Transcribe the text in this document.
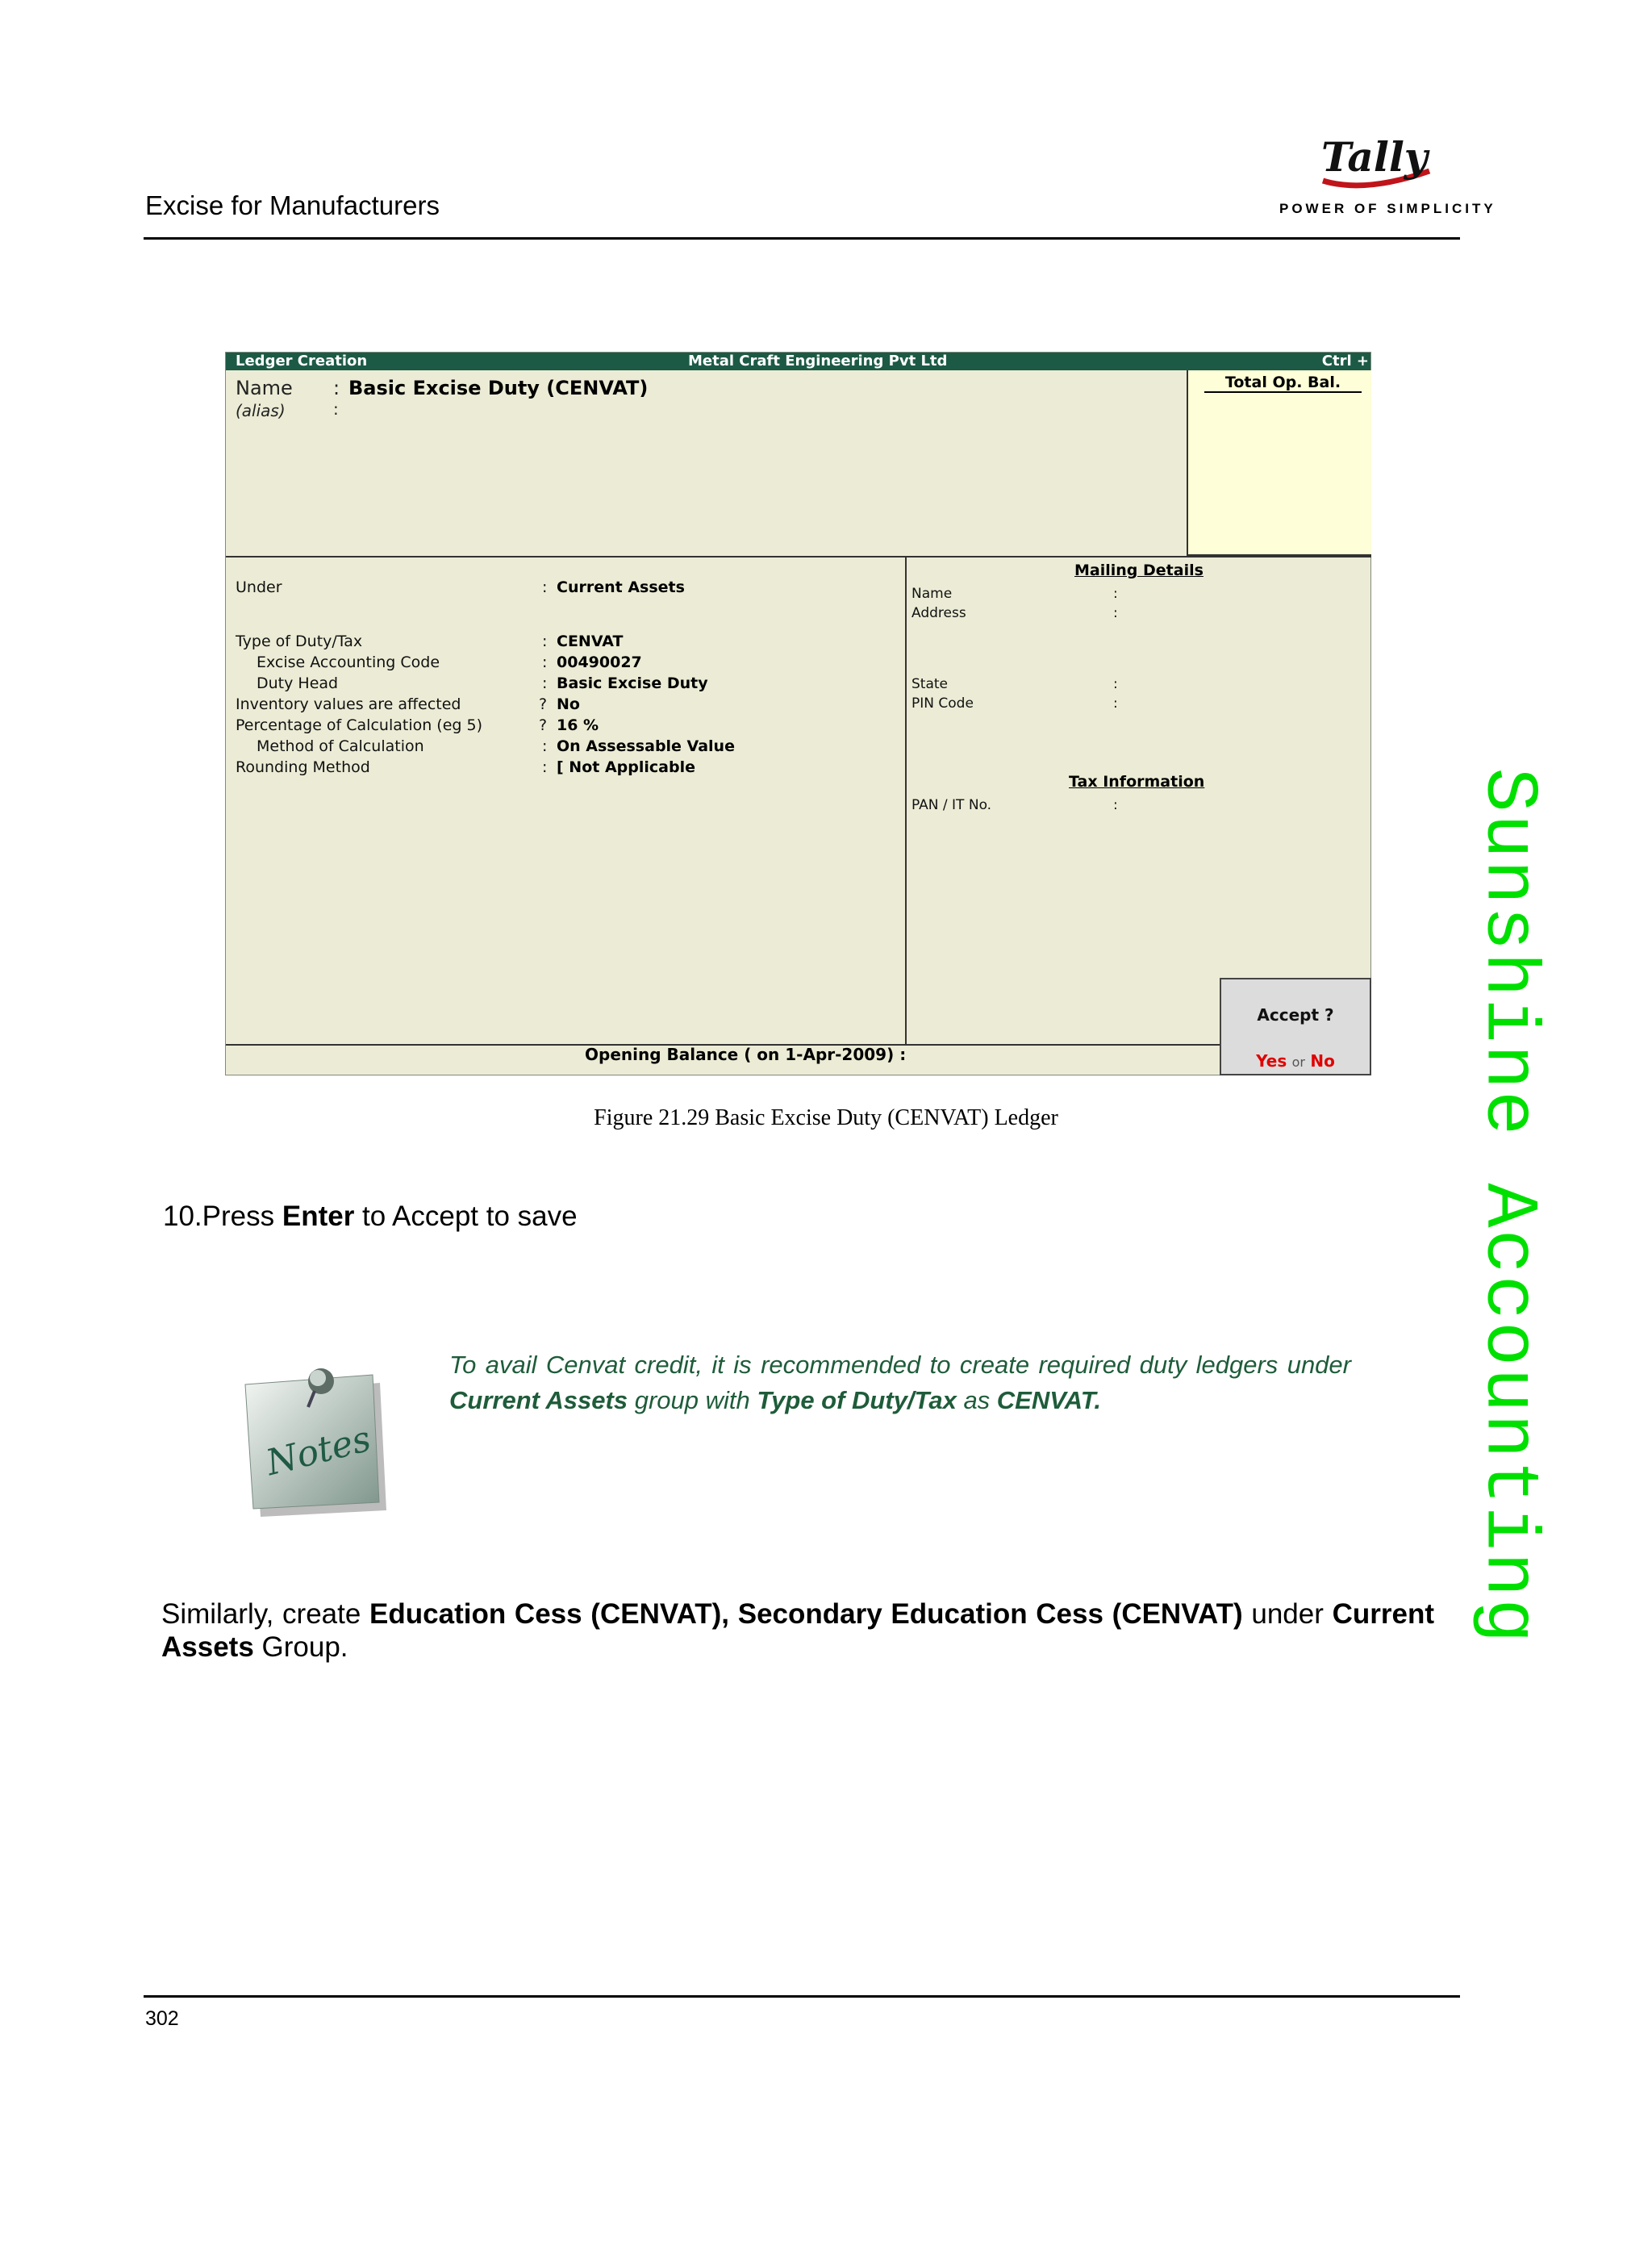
Excise for Manufacturers
Tally
POWER OF SIMPLICITY
Sunshine Accounting
Ledger Creation	Metal Craft Engineering Pvt Ltd	Ctrl +
Name : Basic Excise Duty (CENVAT)
(alias)	:
Total Op. Bal.
Under	: Current Assets
Type of Duty/Tax	: CENVAT
Excise Accounting Code	: 00490027
Duty Head	: Basic Excise Duty
Inventory values are affected	? No
Percentage of Calculation (eg 5)	? 16 %
Method of Calculation	: On Assessable Value
Rounding Method	: [ Not Applicable
Mailing Details
Name	:
Address	:
State	:
PIN Code	:
Tax Information
PAN / IT No.	:
Accept ?
Yes or No
Opening Balance ( on 1-Apr-2009) :
Figure 21.29 Basic Excise Duty (CENVAT) Ledger
10.Press Enter to Accept to save
Notes
To avail Cenvat credit, it is recommended to create required duty ledgers under Current Assets group with Type of Duty/Tax as CENVAT.
Similarly, create Education Cess (CENVAT), Secondary Education Cess (CENVAT) under Current Assets Group.
302
